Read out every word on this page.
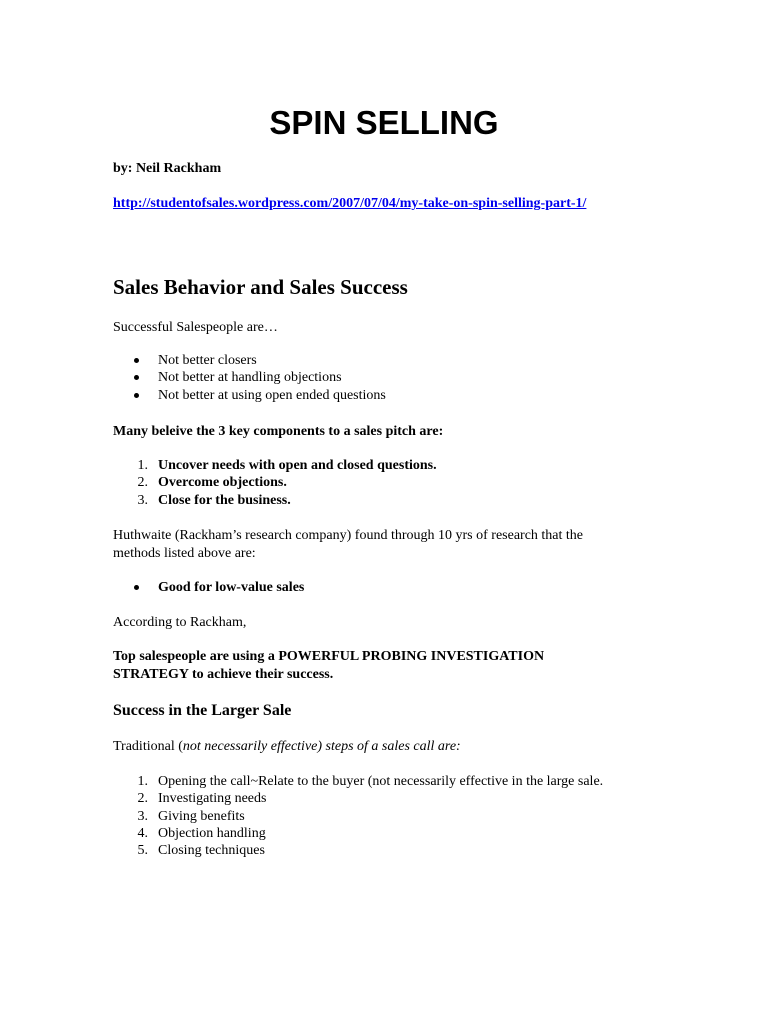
SPIN SELLING

by: Neil Rackham

http://studentofsales.wordpress.com/2007/07/04/my-take-on-spin-selling-part-1/
Sales Behavior and Sales Success

Successful Salespeople are…

Not better closers
Not better at handling objections
Not better at using open ended questions

Many beleive the 3 key components to a sales pitch are:

1. Uncover needs with open and closed questions.
2. Overcome objections.
3. Close for the business.
Huthwaite (Rackham’s research company) found through 10 yrs of research that the
methods listed above are:
Good for low-value sales

According to Rackham,

Top salespeople are using a POWERFUL PROBING INVESTIGATION
STRATEGY to achieve their success.
Success in the Larger Sale

Traditional (not necessarily effective) steps of a sales call are:

1. Opening the call~Relate to the buyer (not necessarily effective in the large sale.
2. Investigating needs
3. Giving benefits
4. Objection handling
5. Closing techniques
